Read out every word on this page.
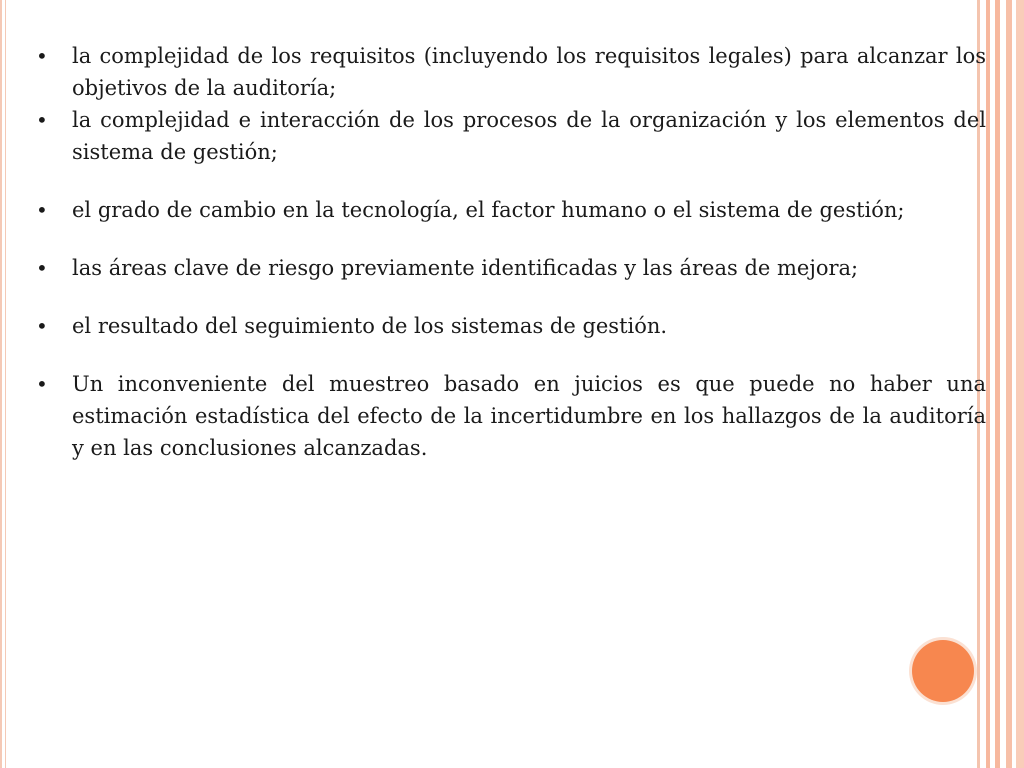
• la complejidad de los requisitos (incluyendo los requisitos legales) para alcanzar los objetivos de la auditoría;
• la complejidad e interacción de los procesos de la organización y los elementos del sistema de gestión;
• el grado de cambio en la tecnología, el factor humano o el sistema de gestión;
• las áreas clave de riesgo previamente identificadas y las áreas de mejora;
• el resultado del seguimiento de los sistemas de gestión.
• Un inconveniente del muestreo basado en juicios es que puede no haber una estimación estadística del efecto de la incertidumbre en los hallazgos de la auditoría y en las conclusiones alcanzadas.
